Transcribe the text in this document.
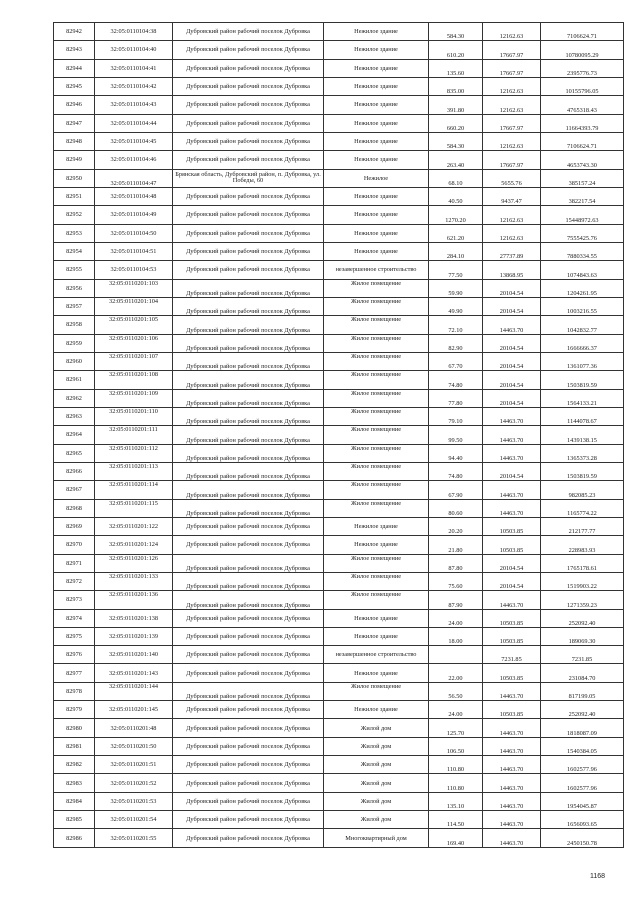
82942	32:05:0110104:38	Дубровский район рабочий поселок Дубровка	Нежилое здание	584.30	12162.63	7106624.71
82943	32:05:0110104:40	Дубровский район рабочий поселок Дубровка	Нежилое здание	610.20	17667.97	10780095.29
82944	32:05:0110104:41	Дубровский район рабочий поселок Дубровка	Нежилое здание	135.60	17667.97	2395776.73
82945	32:05:0110104:42	Дубровский район рабочий поселок Дубровка	Нежилое здание	835.00	12162.63	10155796.05
82946	32:05:0110104:43	Дубровский район рабочий поселок Дубровка	Нежилое здание	391.80	12162.63	4765318.43
82947	32:05:0110104:44	Дубровский район рабочий поселок Дубровка	Нежилое здание	660.20	17667.97	11664393.79
82948	32:05:0110104:45	Дубровский район рабочий поселок Дубровка	Нежилое здание	584.30	12162.63	7106624.71
82949	32:05:0110104:46	Дубровский район рабочий поселок Дубровка	Нежилое здание	263.40	17667.97	4653743.30
82950	32:05:0110104:47	Брянская область, Дубровский район, п. Дубровка, ул. Победы, 60	Нежилое	68.10	5655.76	385157.24
82951	32:05:0110104:48	Дубровский район рабочий поселок Дубровка	Нежилое здание	40.50	9437.47	382217.54
82952	32:05:0110104:49	Дубровский район рабочий поселок Дубровка	Нежилое здание	1270.20	12162.63	15448972.63
82953	32:05:0110104:50	Дубровский район рабочий поселок Дубровка	Нежилое здание	621.20	12162.63	7555425.76
82954	32:05:0110104:51	Дубровский район рабочий поселок Дубровка	Нежилое здание	284.10	27737.89	7880334.55
82955	32:05:0110104:53	Дубровский район рабочий поселок Дубровка	незавершенное строительство	77.50	13868.95	1074843.63
82956	32:05:0110201:103	Дубровский район рабочий поселок Дубровка	Жилое помещение	59.90	20104.54	1204261.95
82957	32:05:0110201:104	Дубровский район рабочий поселок Дубровка	Жилое помещение	49.90	20104.54	1003216.55
82958	32:05:0110201:105	Дубровский район рабочий поселок Дубровка	Жилое помещение	72.10	14463.70	1042832.77
82959	32:05:0110201:106	Дубровский район рабочий поселок Дубровка	Жилое помещение	82.90	20104.54	1666666.37
82960	32:05:0110201:107	Дубровский район рабочий поселок Дубровка	Жилое помещение	67.70	20104.54	1361077.36
82961	32:05:0110201:108	Дубровский район рабочий поселок Дубровка	Жилое помещение	74.80	20104.54	1503819.59
82962	32:05:0110201:109	Дубровский район рабочий поселок Дубровка	Жилое помещение	77.80	20104.54	1564133.21
82963	32:05:0110201:110	Дубровский район рабочий поселок Дубровка	Жилое помещение	79.10	14463.70	1144078.67
82964	32:05:0110201:111	Дубровский район рабочий поселок Дубровка	Жилое помещение	99.50	14463.70	1439138.15
82965	32:05:0110201:112	Дубровский район рабочий поселок Дубровка	Жилое помещение	94.40	14463.70	1365373.28
82966	32:05:0110201:113	Дубровский район рабочий поселок Дубровка	Жилое помещение	74.80	20104.54	1503819.59
82967	32:05:0110201:114	Дубровский район рабочий поселок Дубровка	Жилое помещение	67.90	14463.70	982085.23
82968	32:05:0110201:115	Дубровский район рабочий поселок Дубровка	Жилое помещение	80.60	14463.70	1165774.22
82969	32:05:0110201:122	Дубровский район рабочий поселок Дубровка	Нежилое здание	20.20	10503.85	212177.77
82970	32:05:0110201:124	Дубровский район рабочий поселок Дубровка	Нежилое здание	21.80	10503.85	228983.93
82971	32:05:0110201:126	Дубровский район рабочий поселок Дубровка	Жилое помещение	87.80	20104.54	1765178.61
82972	32:05:0110201:133	Дубровский район рабочий поселок Дубровка	Жилое помещение	75.60	20104.54	1519903.22
82973	32:05:0110201:136	Дубровский район рабочий поселок Дубровка	Жилое помещение	87.90	14463.70	1271359.23
82974	32:05:0110201:138	Дубровский район рабочий поселок Дубровка	Нежилое здание	24.00	10503.85	252092.40
82975	32:05:0110201:139	Дубровский район рабочий поселок Дубровка	Нежилое здание	18.00	10503.85	189069.30
82976	32:05:0110201:140	Дубровский район рабочий поселок Дубровка	незавершенное строительство		7231.85	7231.85
82977	32:05:0110201:143	Дубровский район рабочий поселок Дубровка	Нежилое здание	22.00	10503.85	231084.70
82978	32:05:0110201:144	Дубровский район рабочий поселок Дубровка	Жилое помещение	56.50	14463.70	817199.05
82979	32:05:0110201:145	Дубровский район рабочий поселок Дубровка	Нежилое здание	24.00	10503.85	252092.40
82980	32:05:0110201:48	Дубровский район рабочий поселок Дубровка	Жилой дом	125.70	14463.70	1818087.09
82981	32:05:0110201:50	Дубровский район рабочий поселок Дубровка	Жилой дом	106.50	14463.70	1540384.05
82982	32:05:0110201:51	Дубровский район рабочий поселок Дубровка	Жилой дом	110.80	14463.70	1602577.96
82983	32:05:0110201:52	Дубровский район рабочий поселок Дубровка	Жилой дом	110.80	14463.70	1602577.96
82984	32:05:0110201:53	Дубровский район рабочий поселок Дубровка	Жилой дом	135.10	14463.70	1954045.87
82985	32:05:0110201:54	Дубровский район рабочий поселок Дубровка	Жилой дом	114.50	14463.70	1656093.65
82986	32:05:0110201:55	Дубровский район рабочий поселок Дубровка	Многоквартирный дом	169.40	14463.70	2450150.78
1168
